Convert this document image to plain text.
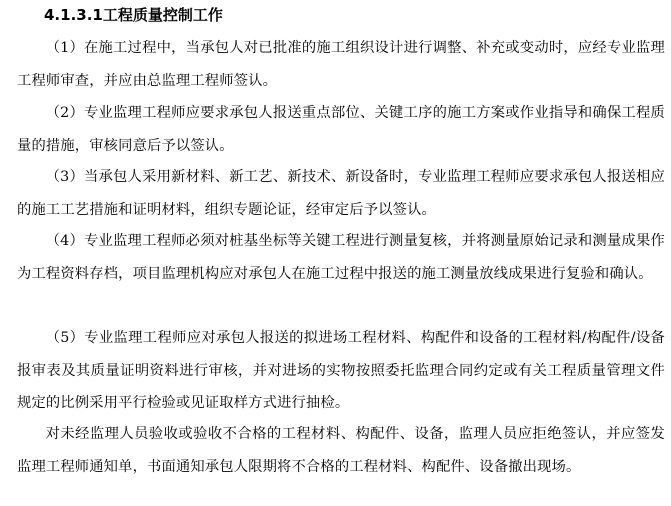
4.1.3.1工程质量控制工作

（1）在施工过程中，当承包人对已批准的施工组织设计进行调整、补充或变动时，应经专业监理工程师审查，并应由总监理工程师签认。

（2）专业监理工程师应要求承包人报送重点部位、关键工序的施工方案或作业指导和确保工程质量的措施，审核同意后予以签认。

（3）当承包人采用新材料、新工艺、新技术、新设备时，专业监理工程师应要求承包人报送相应的施工工艺措施和证明材料，组织专题论证，经审定后予以签认。

（4）专业监理工程师必须对桩基坐标等关键工程进行测量复核，并将测量原始记录和测量成果作为工程资料存档，项目监理机构应对承包人在施工过程中报送的施工测量放线成果进行复验和确认。

（5）专业监理工程师应对承包人报送的拟进场工程材料、构配件和设备的工程材料/构配件/设备报审表及其质量证明资料进行审核，并对进场的实物按照委托监理合同约定或有关工程质量管理文件规定的比例采用平行检验或见证取样方式进行抽检。

对未经监理人员验收或验收不合格的工程材料、构配件、设备，监理人员应拒绝签认，并应签发监理工程师通知单，书面通知承包人限期将不合格的工程材料、构配件、设备撤出现场。
